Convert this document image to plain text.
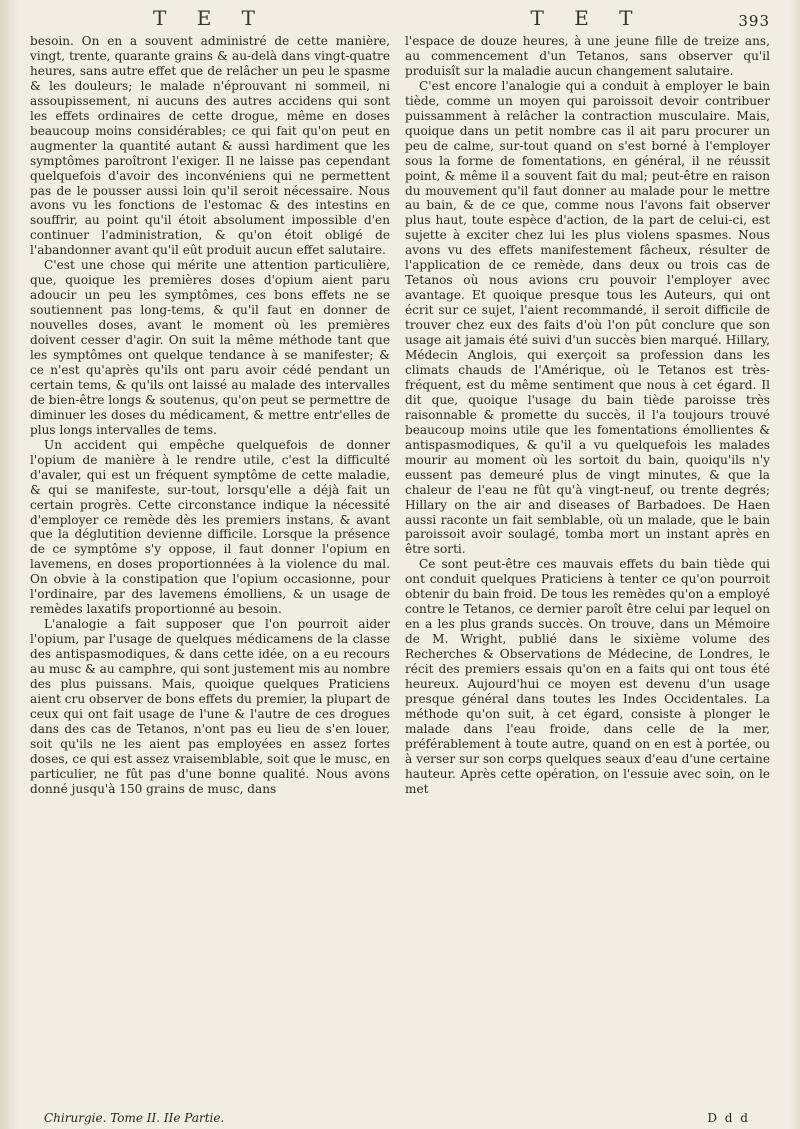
T E T

besoin. On en a souvent administré de cette manière, vingt, trente, quarante grains & au-delà dans vingt-quatre heures, sans autre effet que de relâcher un peu le spasme & les douleurs; le malade n'éprouvant ni sommeil, ni assoupissement, ni aucuns des autres accidens qui sont les effets ordinaires de cette drogue, même en doses beaucoup moins considérables; ce qui fait qu'on peut en augmenter la quantité autant & aussi hardiment que les symptômes paroîtront l'exiger. Il ne laisse pas cependant quelquefois d'avoir des inconvéniens qui ne permettent pas de le pousser aussi loin qu'il seroit nécessaire. Nous avons vu les fonctions de l'estomac & des intestins en souffrir, au point qu'il étoit absolument impossible d'en continuer l'administration, & qu'on étoit obligé de l'abandonner avant qu'il eût produit aucun effet salutaire.

C'est une chose qui mérite une attention particulière, que, quoique les premières doses d'opium aient paru adoucir un peu les symptômes, ces bons effets ne se soutiennent pas long-tems, & qu'il faut en donner de nouvelles doses, avant le moment où les premières doivent cesser d'agir. On suit la même méthode tant que les symptômes ont quelque tendance à se manifester; & ce n'est qu'après qu'ils ont paru avoir cédé pendant un certain tems, & qu'ils ont laissé au malade des intervalles de bien-être longs & soutenus, qu'on peut se permettre de diminuer les doses du médicament, & mettre entr'elles de plus longs intervalles de tems.

Un accident qui empêche quelquefois de donner l'opium de manière à le rendre utile, c'est la difficulté d'avaler, qui est un fréquent symptôme de cette maladie, & qui se manifeste, sur-tout, lorsqu'elle a déjà fait un certain progrès. Cette circonstance indique la nécessité d'employer ce remède dès les premiers instans, & avant que la déglutition devienne difficile. Lorsque la présence de ce symptôme s'y oppose, il faut donner l'opium en lavemens, en doses proportionnées à la violence du mal. On obvie à la constipation que l'opium occasionne, pour l'ordinaire, par des lavemens émolliens, & un usage de remèdes laxatifs proportionné au besoin.

L'analogie a fait supposer que l'on pourroit aider l'opium, par l'usage de quelques médicamens de la classe des antispasmodiques, & dans cette idée, on a eu recours au musc & au camphre, qui sont justement mis au nombre des plus puissans. Mais, quoique quelques Praticiens aient cru observer de bons effets du premier, la plupart de ceux qui ont fait usage de l'une & l'autre de ces drogues dans des cas de Tetanos, n'ont pas eu lieu de s'en louer, soit qu'ils ne les aient pas employées en assez fortes doses, ce qui est assez vraisemblable, soit que le musc, en particulier, ne fût pas d'une bonne qualité. Nous avons donné jusqu'à 150 grains de musc, dans

Chirurgie. Tome II. IIe Partie.
T E T	393

l'espace de douze heures, à une jeune fille de treize ans, au commencement d'un Tetanos, sans observer qu'il produisît sur la maladie aucun changement salutaire.

C'est encore l'analogie qui a conduit à employer le bain tiède, comme un moyen qui paroissoit devoir contribuer puissamment à relâcher la contraction musculaire. Mais, quoique dans un petit nombre cas il ait paru procurer un peu de calme, sur-tout quand on s'est borné à l'employer sous la forme de fomentations, en général, il ne réussit point, & même il a souvent fait du mal; peut-être en raison du mouvement qu'il faut donner au malade pour le mettre au bain, & de ce que, comme nous l'avons fait observer plus haut, toute espèce d'action, de la part de celui-ci, est sujette à exciter chez lui les plus violens spasmes. Nous avons vu des effets manifestement fâcheux, résulter de l'application de ce remède, dans deux ou trois cas de Tetanos où nous avions cru pouvoir l'employer avec avantage. Et quoique presque tous les Auteurs, qui ont écrit sur ce sujet, l'aient recommandé, il seroit difficile de trouver chez eux des faits d'où l'on pût conclure que son usage ait jamais été suivi d'un succès bien marqué. Hillary, Médecin Anglois, qui exerçoit sa profession dans les climats chauds de l'Amérique, où le Tetanos est très-fréquent, est du même sentiment que nous à cet égard. Il dit que, quoique l'usage du bain tiède paroisse très raisonnable & promette du succès, il l'a toujours trouvé beaucoup moins utile que les fomentations émollientes & antispasmodiques, & qu'il a vu quelquefois les malades mourir au moment où les sortoit du bain, quoiqu'ils n'y eussent pas demeuré plus de vingt minutes, & que la chaleur de l'eau ne fût qu'à vingt-neuf, ou trente degrés; Hillary on the air and diseases of Barbadoes. De Haen aussi raconte un fait semblable, où un malade, que le bain paroissoit avoir soulagé, tomba mort un instant après en être sorti.

Ce sont peut-être ces mauvais effets du bain tiède qui ont conduit quelques Praticiens à tenter ce qu'on pourroit obtenir du bain froid. De tous les remèdes qu'on a employé contre le Tetanos, ce dernier paroît être celui par lequel on en a les plus grands succès. On trouve, dans un Mémoire de M. Wright, publié dans le sixième volume des Recherches & Observations de Médecine, de Londres, le récit des premiers essais qu'on en a faits qui ont tous été heureux. Aujourd'hui ce moyen est devenu d'un usage presque général dans toutes les Indes Occidentales. La méthode qu'on suit, à cet égard, consiste à plonger le malade dans l'eau froide, dans celle de la mer, préférablement à toute autre, quand on en est à portée, ou à verser sur son corps quelques seaux d'eau d'une certaine hauteur. Après cette opération, on l'essuie avec soin, on le met

D d d
